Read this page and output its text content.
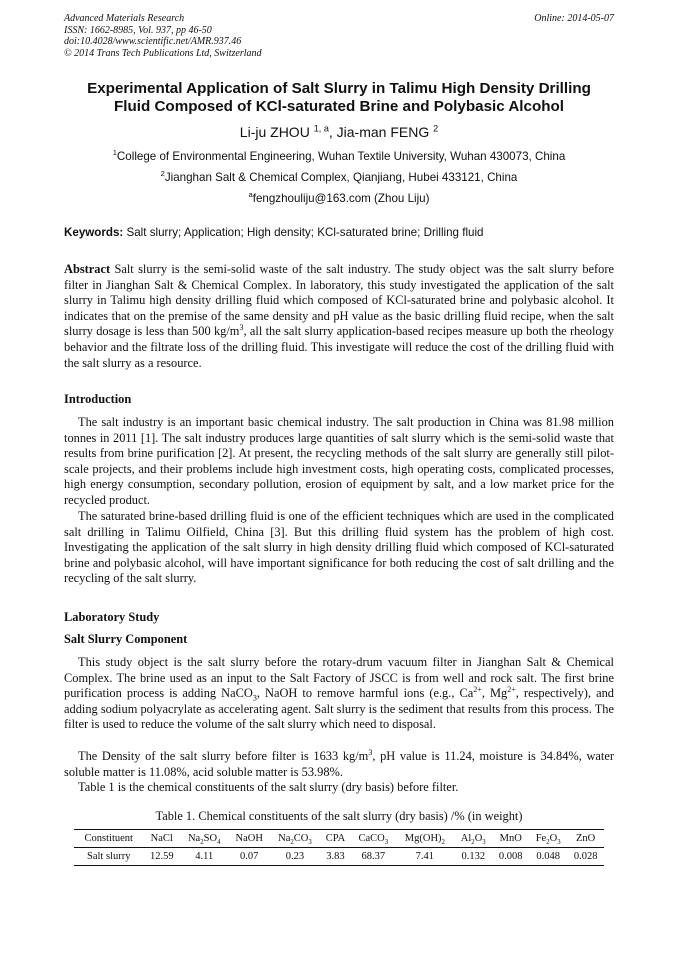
Advanced Materials Research
ISSN: 1662-8985, Vol. 937, pp 46-50
doi:10.4028/www.scientific.net/AMR.937.46
© 2014 Trans Tech Publications Ltd, Switzerland
Online: 2014-05-07
Experimental Application of Salt Slurry in Talimu High Density Drilling
Fluid Composed of KCl-saturated Brine and Polybasic Alcohol
Li-ju ZHOU $^{1, a}$, Jia-man FENG $^2$
$^1$College of Environmental Engineering, Wuhan Textile University, Wuhan 430073, China
$^2$Jianghan Salt & Chemical Complex, Qianjiang, Hubei 433121, China
$^a$fengzhouliju@163.com (Zhou Liju)
Keywords: Salt slurry; Application; High density; KCl-saturated brine; Drilling fluid
Abstract Salt slurry is the semi-solid waste of the salt industry. The study object was the salt slurry before filter in Jianghan Salt & Chemical Complex. In laboratory, this study investigated the application of the salt slurry in Talimu high density drilling fluid which composed of KCl-saturated brine and polybasic alcohol. It indicates that on the premise of the same density and pH value as the basic drilling fluid recipe, when the salt slurry dosage is less than 500 $kg/m^3$, all the salt slurry application-based recipes measure up both the rheology behavior and the filtrate loss of the drilling fluid. This investigate will reduce the cost of the drilling fluid with the salt slurry as a resource.
Introduction
The salt industry is an important basic chemical industry. The salt production in China was 81.98 million tonnes in 2011 [1]. The salt industry produces large quantities of salt slurry which is the semi-solid waste that results from brine purification [2]. At present, the recycling methods of the salt slurry are generally still pilot-scale projects, and their problems include high investment costs, high operating costs, complicated processes, high energy consumption, secondary pollution, erosion of equipment by salt, and a low market price for the recycled product.
The saturated brine-based drilling fluid is one of the efficient techniques which are used in the complicated salt drilling in Talimu Oilfield, China [3]. But this drilling fluid system has the problem of high cost. Investigating the application of the salt slurry in high density drilling fluid which composed of KCl-saturated brine and polybasic alcohol, will have important significance for both reducing the cost of salt drilling and the recycling of the salt slurry.
Laboratory Study
Salt Slurry Component
This study object is the salt slurry before the rotary-drum vacuum filter in Jianghan Salt & Chemical Complex. The brine used as an input to the Salt Factory of JSCC is from well and rock salt. The first brine purification process is adding NaCO$_3$, NaOH to remove harmful ions (e.g., $Ca^{2+}$, $Mg^{2+}$, respectively), and adding sodium polyacrylate as accelerating agent. Salt slurry is the sediment that results from this process. The filter is used to reduce the volume of the salt slurry which need to disposal.
The Density of the salt slurry before filter is 1633 $kg/m^3$, pH value is 11.24, moisture is 34.84%, water soluble matter is 11.08%, acid soluble matter is 53.98%.
Table 1 is the chemical constituents of the salt slurry (dry basis) before filter.
Table 1. Chemical constituents of the salt slurry (dry basis) /% (in weight)
Constituent	NaCl	$Na_2SO_4$	NaOH	$Na_2CO_3$	CPA	CaCO$_3$	$Mg(OH)_2$	$Al_2O_3$	MnO	$Fe_2O_3$	ZnO
Salt slurry	12.59	4.11	0.07	0.23	3.83	68.37	7.41	0.132	0.008	0.048	0.028
